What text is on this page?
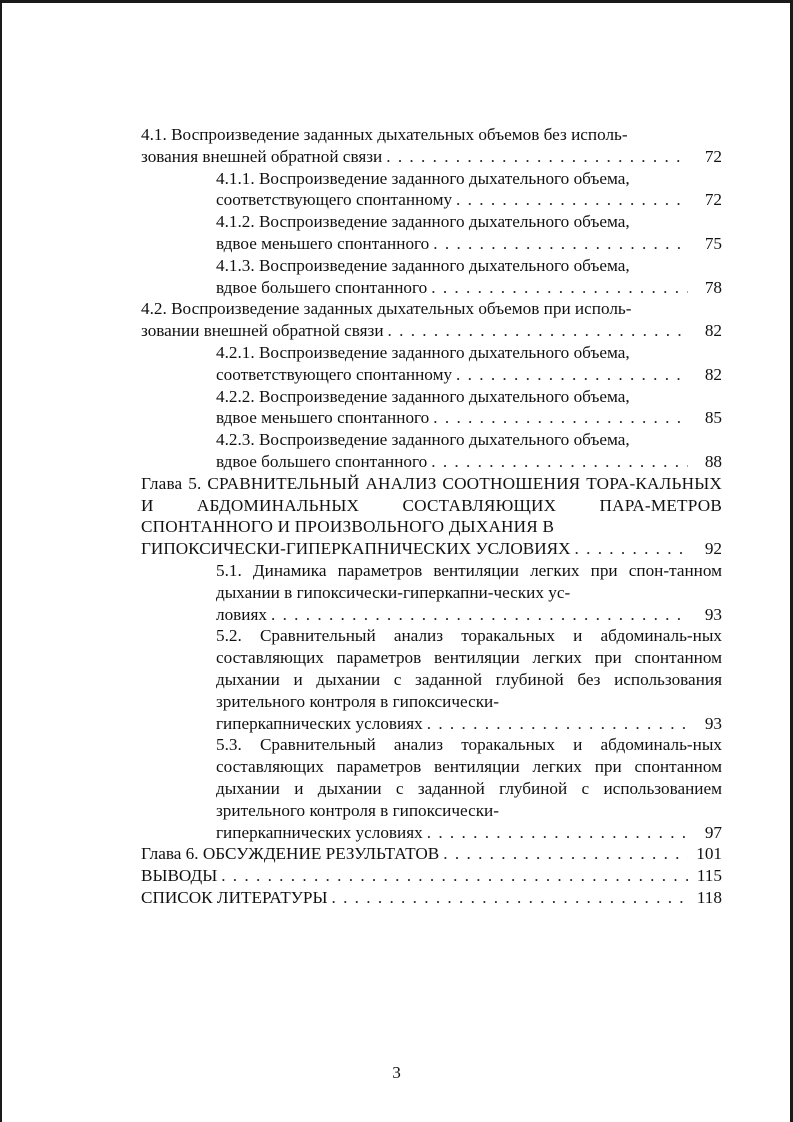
4.1. Воспроизведение заданных дыхательных объемов без исполь-
зования внешней обратной связи . . .	72
4.1.1. Воспроизведение заданного дыхательного объема,
соответствующего спонтанному . . .	72
4.1.2. Воспроизведение заданного дыхательного объема,
вдвое меньшего спонтанного . . .	75
4.1.3. Воспроизведение заданного дыхательного объема,
вдвое большего спонтанного . . .	78
4.2. Воспроизведение заданных дыхательных объемов при исполь-
зовании внешней обратной связи . . .	82
4.2.1. Воспроизведение заданного дыхательного объема,
соответствующего спонтанному . . .	82
4.2.2. Воспроизведение заданного дыхательного объема,
вдвое меньшего спонтанного . . .	85
4.2.3. Воспроизведение заданного дыхательного объема,
вдвое большего спонтанного . . .	88
Глава 5. СРАВНИТЕЛЬНЫЙ АНАЛИЗ СООТНОШЕНИЯ ТОРА-КАЛЬНЫХ И АБДОМИНАЛЬНЫХ СОСТАВЛЯЮЩИХ ПАРА-МЕТРОВ СПОНТАННОГО И ПРОИЗВОЛЬНОГО ДЫХАНИЯ В
ГИПОКСИЧЕСКИ-ГИПЕРКАПНИЧЕСКИХ УСЛОВИЯХ . . .	92
5.1. Динамика параметров вентиляции легких при спон-танном дыхании в гипоксически-гиперкапни-ческих ус-
ловиях . . .	93
5.2. Сравнительный анализ торакальных и абдоминаль-ных составляющих параметров вентиляции легких при спонтанном дыхании и дыхании с заданной глубиной без использования зрительного контроля в гипоксически-
гиперкапнических условиях . . .	93
5.3. Сравнительный анализ торакальных и абдоминаль-ных составляющих параметров вентиляции легких при спонтанном дыхании и дыхании с заданной глубиной с использованием зрительного контроля в гипоксически-
гиперкапнических условиях . . .	97
Глава 6. ОБСУЖДЕНИЕ РЕЗУЛЬТАТОВ . . .	101
ВЫВОДЫ . . .	115
СПИСОК ЛИТЕРАТУРЫ . . .	118
3
